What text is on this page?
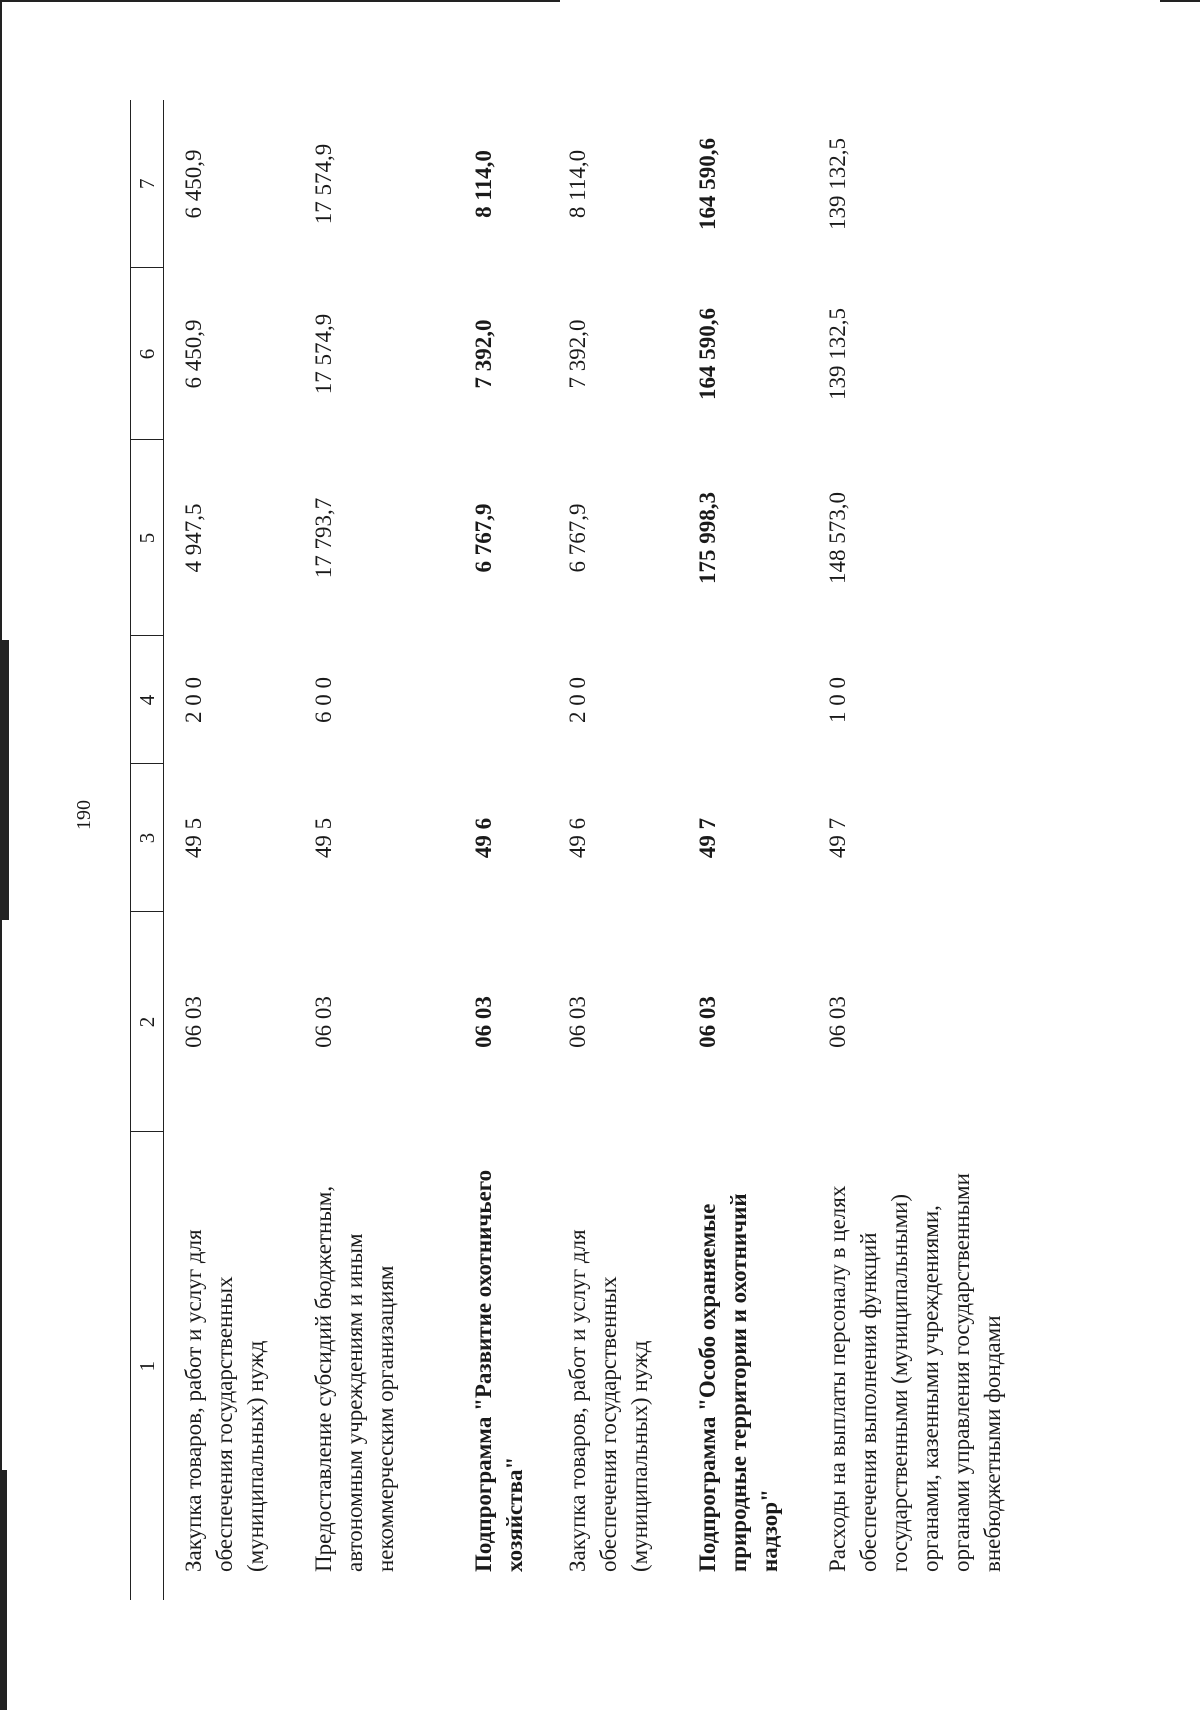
190
1	2	3	4	5	6	7
Закупка товаров, работ и услуг для обеспечения государственных (муниципальных) нужд	06 03	49 5	2 0 0	4 947,5	6 450,9	6 450,9
Предоставление субсидий бюджетным, автономным учреждениям и иным некоммерческим организациям	06 03	49 5	6 0 0	17 793,7	17 574,9	17 574,9
Подпрограмма "Развитие охотничьего хозяйства"	06 03	49 6		6 767,9	7 392,0	8 114,0
Закупка товаров, работ и услуг для обеспечения государственных (муниципальных) нужд	06 03	49 6	2 0 0	6 767,9	7 392,0	8 114,0
Подпрограмма "Особо охраняемые природные территории и охотничий надзор"	06 03	49 7		175 998,3	164 590,6	164 590,6
Расходы на выплаты персоналу в целях обеспечения выполнения функций государственными (муниципальными) органами, казенными учреждениями, органами управления государственными внебюджетными фондами	06 03	49 7	1 0 0	148 573,0	139 132,5	139 132,5
